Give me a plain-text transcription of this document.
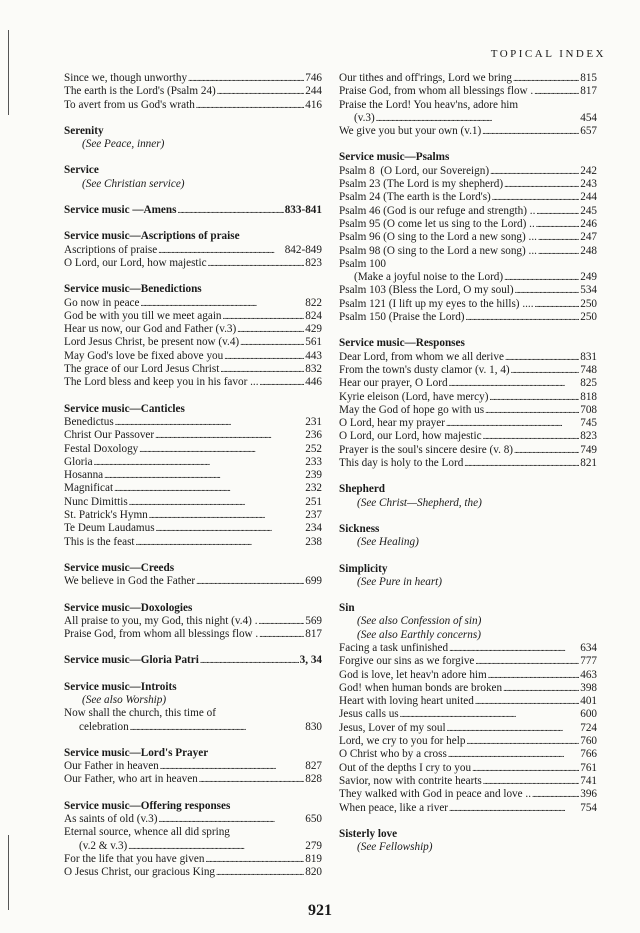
TOPICAL INDEX
Since we, though unworthy . . .	746
The earth is the Lord's (Psalm 24) . . .	244
To avert from us God's wrath . . .	416
Serenity
(See Peace, inner)
Service
(See Christian service)
Service music —Amens . . .	833-841
Service music—Ascriptions of praise
Ascriptions of praise . . .	842-849
O Lord, our Lord, how majestic . . .	823
Service music—Benedictions
Go now in peace . . .	822
God be with you till we meet again . . .	824
Hear us now, our God and Father (v.3) . . .	429
Lord Jesus Christ, be present now (v.4) . . .	561
May God's love be fixed above you . . .	443
The grace of our Lord Jesus Christ . . .	832
The Lord bless and keep you in his favor ... . . .	446
Service music—Canticles
Benedictus . . .	231
Christ Our Passover . . .	236
Festal Doxology . . .	252
Gloria . . .	233
Hosanna . . .	239
Magnificat . . .	232
Nunc Dimittis . . .	251
St. Patrick's Hymn . . .	237
Te Deum Laudamus . . .	234
This is the feast . . .	238
Service music—Creeds
We believe in God the Father . . .	699
Service music—Doxologies
All praise to you, my God, this night (v.4) . . . .	569
Praise God, from whom all blessings flow . . . .	817
Service music—Gloria Patri . . .	3, 34
Service music—Introits
(See also Worship)
Now shall the church, this time of
celebration . . .	830
Service music—Lord's Prayer
Our Father in heaven . . .	827
Our Father, who art in heaven . . .	828
Service music—Offering responses
As saints of old (v.3) . . .	650
Eternal source, whence all did spring
(v.2 & v.3) . . .	279
For the life that you have given . . .	819
O Jesus Christ, our gracious King . . .	820
Our tithes and off'rings, Lord we bring . . .	815
Praise God, from whom all blessings flow . . . .	817
Praise the Lord! You heav'ns, adore him
(v.3) . . .	454
We give you but your own (v.1) . . .	657
Service music—Psalms
Psalm 8  (O Lord, our Sovereign) . . .	242
Psalm 23 (The Lord is my shepherd) . . .	243
Psalm 24 (The earth is the Lord's) . . .	244
Psalm 46 (God is our refuge and strength) .. . . .	245
Psalm 95 (O come let us sing to the Lord) .. . . .	246
Psalm 96 (O sing to the Lord a new song) ... . . .	247
Psalm 98 (O sing to the Lord a new song) ... . . .	248
Psalm 100
(Make a joyful noise to the Lord) . . .	249
Psalm 103 (Bless the Lord, O my soul) . . .	534
Psalm 121 (I lift up my eyes to the hills) .... . . .	250
Psalm 150 (Praise the Lord) . . .	250
Service music—Responses
Dear Lord, from whom we all derive . . .	831
From the town's dusty clamor (v. 1, 4) . . .	748
Hear our prayer, O Lord . . .	825
Kyrie eleison (Lord, have mercy) . . .	818
May the God of hope go with us . . .	708
O Lord, hear my prayer . . .	745
O Lord, our Lord, how majestic . . .	823
Prayer is the soul's sincere desire (v. 8) . . .	749
This day is holy to the Lord . . .	821
Shepherd
(See Christ—Shepherd, the)
Sickness
(See Healing)
Simplicity
(See Pure in heart)
Sin
(See also Confession of sin)
(See also Earthly concerns)
Facing a task unfinished . . .	634
Forgive our sins as we forgive . . .	777
God is love, let heav'n adore him . . .	463
God! when human bonds are broken . . .	398
Heart with loving heart united . . .	401
Jesus calls us . . .	600
Jesus, Lover of my soul . . .	724
Lord, we cry to you for help . . .	760
O Christ who by a cross . . .	766
Out of the depths I cry to you . . .	761
Savior, now with contrite hearts . . .	741
They walked with God in peace and love .. . . .	396
When peace, like a river . . .	754
Sisterly love
(See Fellowship)
921
